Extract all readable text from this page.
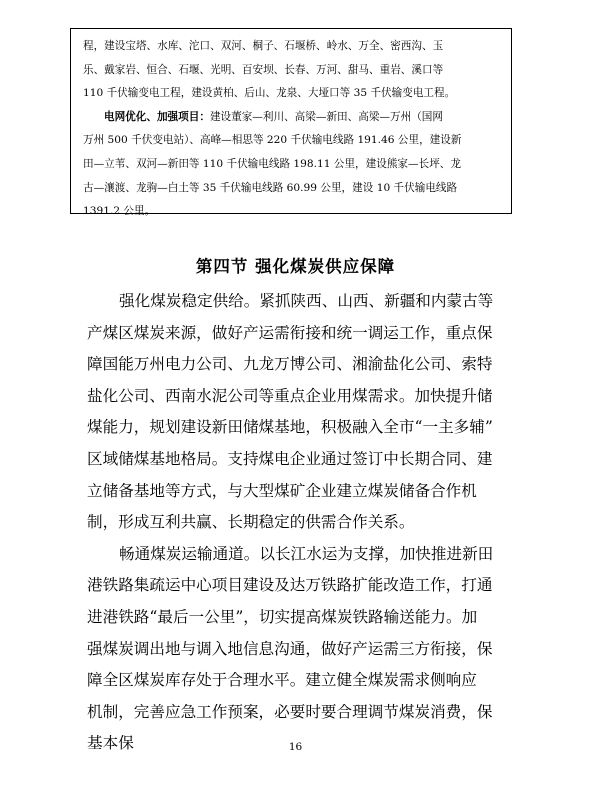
程，建设宝塔、水库、沱口、双河、桐子、石堰桥、岭水、万全、密西沟、玉
乐、戴家岩、恒合、石堰、光明、百安坝、长春、万河、甜马、重岩、溪口等
110 千伏输变电工程，建设黄柏、后山、龙泉、大垭口等 35 千伏输变电工程。

电网优化、加强项目：建设董家—利川、高梁—新田、高梁—万州（国网
万州 500 千伏变电站）、高峰—相思等 220 千伏输电线路 191.46 公里，建设新
田—立苇、双河—新田等 110 千伏输电线路 198.11 公里，建设熊家—长坪、龙
古—瀼渡、龙驹—白土等 35 千伏输电线路 60.99 公里，建设 10 千伏输电线路
1391.2 公里。

第四节 强化煤炭供应保障
强化煤炭稳定供给。紧抓陕西、山西、新疆和内蒙古等
产煤区煤炭来源，做好产运需衔接和统一调运工作，重点保
障国能万州电力公司、九龙万博公司、湘渝盐化公司、索特
盐化公司、西南水泥公司等重点企业用煤需求。加快提升储
煤能力，规划建设新田储煤基地，积极融入全市“一主多辅”
区域储煤基地格局。支持煤电企业通过签订中长期合同、建
立储备基地等方式，与大型煤矿企业建立煤炭储备合作机
制，形成互利共赢、长期稳定的供需合作关系。
畅通煤炭运输通道。以长江水运为支撑，加快推进新田
港铁路集疏运中心项目建设及达万铁路扩能改造工作，打通
进港铁路“最后一公里”，切实提高煤炭铁路输送能力。加
强煤炭调出地与调入地信息沟通，做好产运需三方衔接，保
障全区煤炭库存处于合理水平。建立健全煤炭需求侧响应
机制，完善应急工作预案，必要时要合理调节煤炭消费，保
基本保	16
